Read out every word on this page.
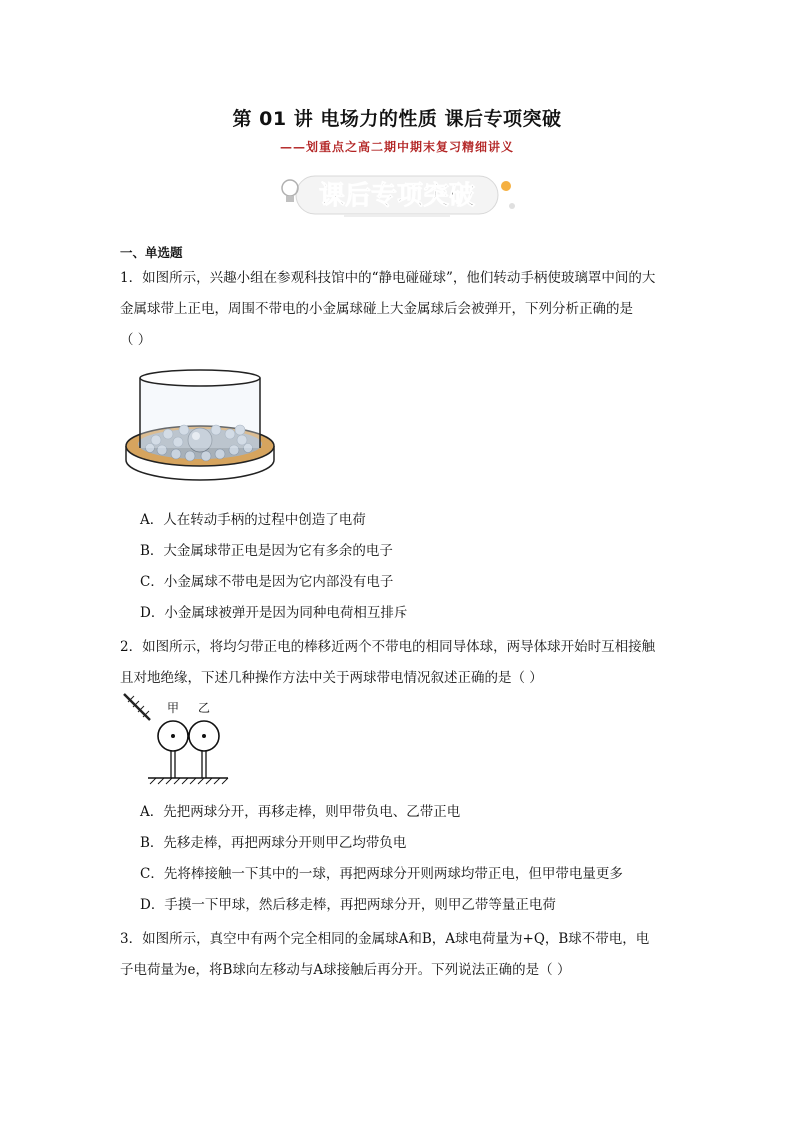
第 01 讲 电场力的性质 课后专项突破
——划重点之高二期中期末复习精细讲义
课后专项突破
一、单选题
1．如图所示，兴趣小组在参观科技馆中的“静电碰碰球”，他们转动手柄使玻璃罩中间的大
金属球带上正电，周围不带电的小金属球碰上大金属球后会被弹开，下列分析正确的是
（ ）
A．人在转动手柄的过程中创造了电荷
B．大金属球带正电是因为它有多余的电子
C．小金属球不带电是因为它内部没有电子
D．小金属球被弹开是因为同种电荷相互排斥
2．如图所示，将均匀带正电的棒移近两个不带电的相同导体球，两导体球开始时互相接触
且对地绝缘，下述几种操作方法中关于两球带电情况叙述正确的是（ ）
甲 乙
A．先把两球分开，再移走棒，则甲带负电、乙带正电
B．先移走棒，再把两球分开则甲乙均带负电
C．先将棒接触一下其中的一球，再把两球分开则两球均带正电，但甲带电量更多
D．手摸一下甲球，然后移走棒，再把两球分开，则甲乙带等量正电荷
3．如图所示，真空中有两个完全相同的金属球A和B，A球电荷量为+Q，B球不带电，电
子电荷量为e，将B球向左移动与A球接触后再分开。下列说法正确的是（ ）
